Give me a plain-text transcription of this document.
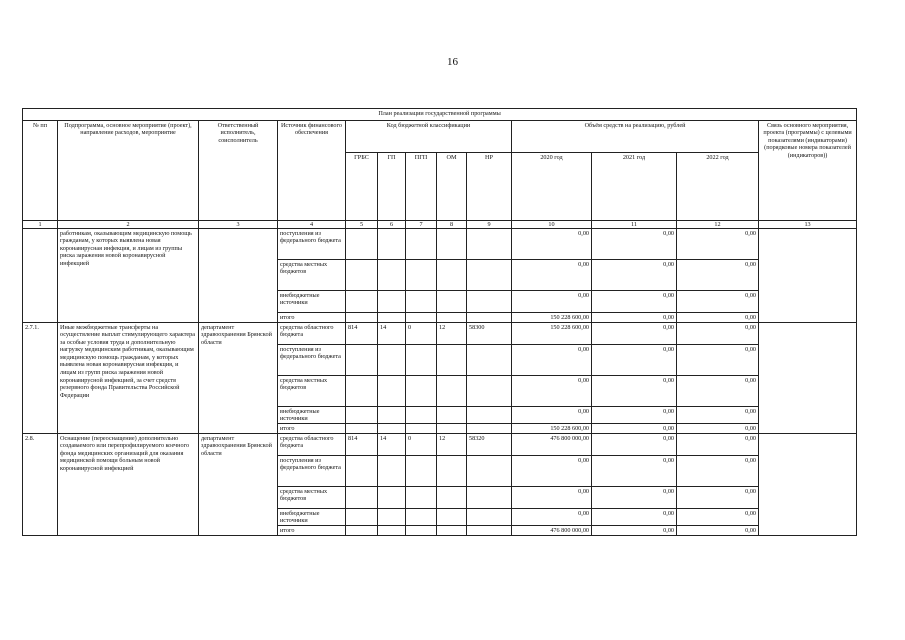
16
План реализации государственной программы												
№ пп	Подпрограмма, основное мероприятие (проект), направление расходов, мероприятие	Ответственный исполнитель, соисполнитель	Источник финансового обеспечения	Код бюджетной классификации					Объём средств на реализацию, рублей			Связь основного мероприятия, проекта (программы) с целевыми показателями (индикаторами) (порядковые номера показателей (индикаторов))
				ГРБС	ГП	ПГП	ОМ	НР	2020 год	2021 год	2022 год	
1	2	3	4	5	6	7	8	9	10	11	12	13
	работникам, оказывающим медицинскую помощь гражданам, у которых выявлена новая коронавирусная инфекция, и лицам из группы риска заражения новой коронавирусной инфекцией		поступления из федерального бюджета						0,00	0,00	0,00	
			средства местных бюджетов						0,00	0,00	0,00	
			внебюджетные источники						0,00	0,00	0,00	
			итого						150 228 600,00	0,00	0,00	
2.7.1.	Иные межбюджетные трансферты на осуществление выплат стимулирующего характера за особые условия труда и дополнительную нагрузку медицинским работникам, оказывающим медицинскую помощь гражданам, у которых выявлена новая коронавирусная инфекция, и лицам из групп риска заражения новой коронавирусной инфекцией, за счет средств резервного фонда Правительства Российской Федерации	департамент здравоохранения Брянской области	средства областного бюджета	814	14	0	12	58300	150 228 600,00	0,00	0,00	
			поступления из федерального бюджета						0,00	0,00	0,00	
			средства местных бюджетов						0,00	0,00	0,00	
			внебюджетные источники						0,00	0,00	0,00	
			итого						150 228 600,00	0,00	0,00	
2.8.	Оснащение (переоснащение) дополнительно создаваемого или перепрофилируемого коечного фонда медицинских организаций для оказания медицинской помощи больным новой коронавирусной инфекцией	департамент здравоохранения Брянской области	средства областного бюджета	814	14	0	12	58320	476 800 000,00	0,00	0,00	
			поступления из федерального бюджета						0,00	0,00	0,00	
			средства местных бюджетов						0,00	0,00	0,00	
			внебюджетные источники						0,00	0,00	0,00	
			итого						476 800 000,00	0,00	0,00	
